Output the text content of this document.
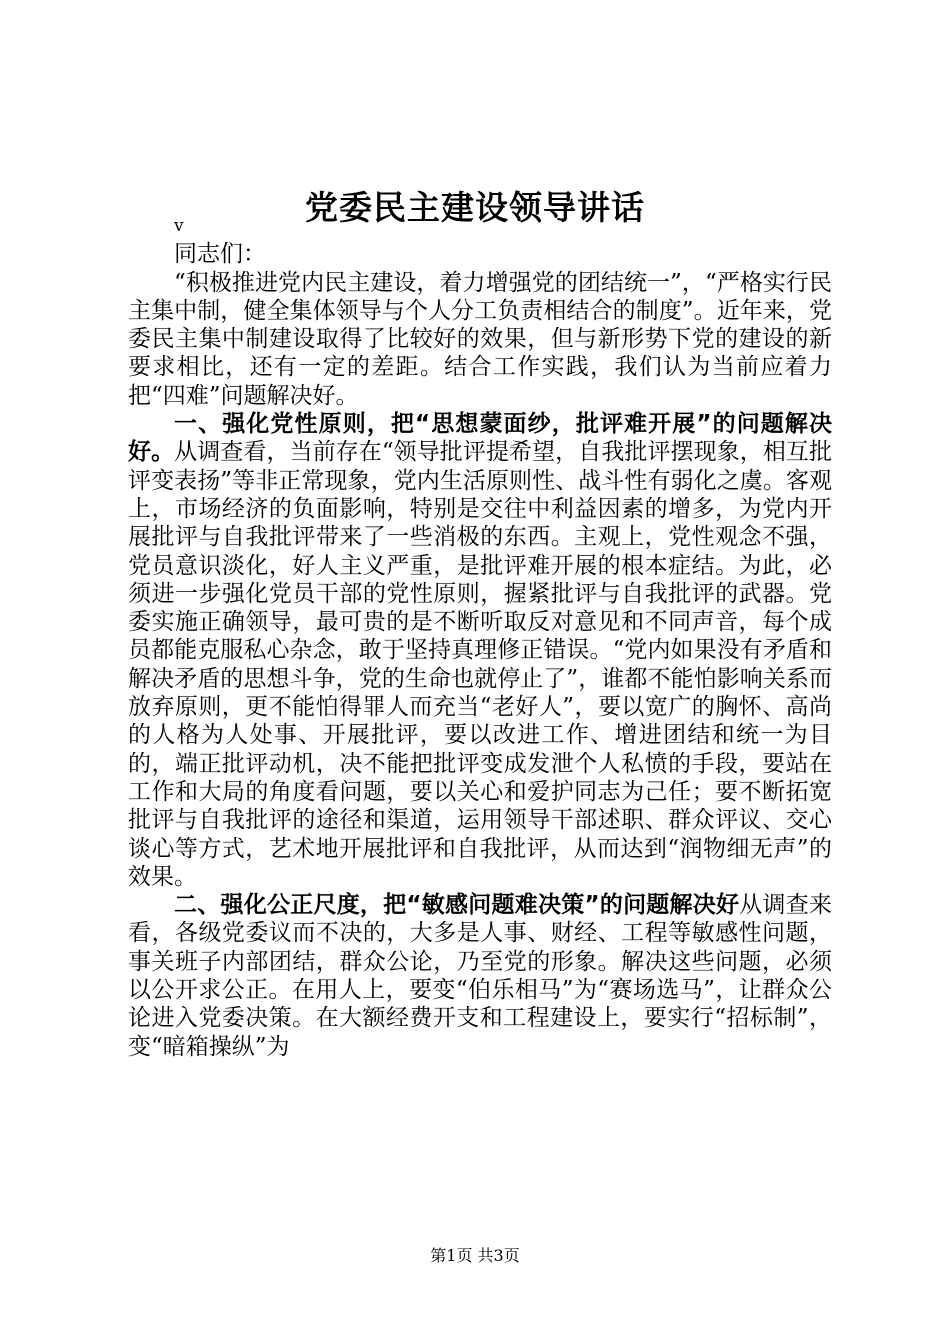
党委民主建设领导讲话

v

同志们：

“积极推进党内民主建设，着力增强党的团结统一”，“严格实行民主集中制，健全集体领导与个人分工负责相结合的制度”。近年来，党委民主集中制建设取得了比较好的效果，但与新形势下党的建设的新要求相比，还有一定的差距。结合工作实践，我们认为当前应着力把“四难”问题解决好。

一、强化党性原则，把“思想蒙面纱，批评难开展”的问题解决好。从调查看，当前存在“领导批评提希望，自我批评摆现象，相互批评变表扬”等非正常现象，党内生活原则性、战斗性有弱化之虞。客观上，市场经济的负面影响，特别是交往中利益因素的增多，为党内开展批评与自我批评带来了一些消极的东西。主观上，党性观念不强，党员意识淡化，好人主义严重，是批评难开展的根本症结。为此，必须进一步强化党员干部的党性原则，握紧批评与自我批评的武器。党委实施正确领导，最可贵的是不断听取反对意见和不同声音，每个成员都能克服私心杂念，敢于坚持真理修正错误。“党内如果没有矛盾和解决矛盾的思想斗争，党的生命也就停止了”，谁都不能怕影响关系而放弃原则，更不能怕得罪人而充当“老好人”，要以宽广的胸怀、高尚的人格为人处事、开展批评，要以改进工作、增进团结和统一为目的，端正批评动机，决不能把批评变成发泄个人私愤的手段，要站在工作和大局的角度看问题，要以关心和爱护同志为己任；要不断拓宽批评与自我批评的途径和渠道，运用领导干部述职、群众评议、交心谈心等方式，艺术地开展批评和自我批评，从而达到“润物细无声”的效果。

二、强化公正尺度，把“敏感问题难决策”的问题解决好从调查来看，各级党委议而不决的，大多是人事、财经、工程等敏感性问题，事关班子内部团结，群众公论，乃至党的形象。解决这些问题，必须以公开求公正。在用人上，要变“伯乐相马”为“赛场选马”，让群众公论进入党委决策。在大额经费开支和工程建设上，要实行“招标制”，变“暗箱操纵”为

第1页 共3页
